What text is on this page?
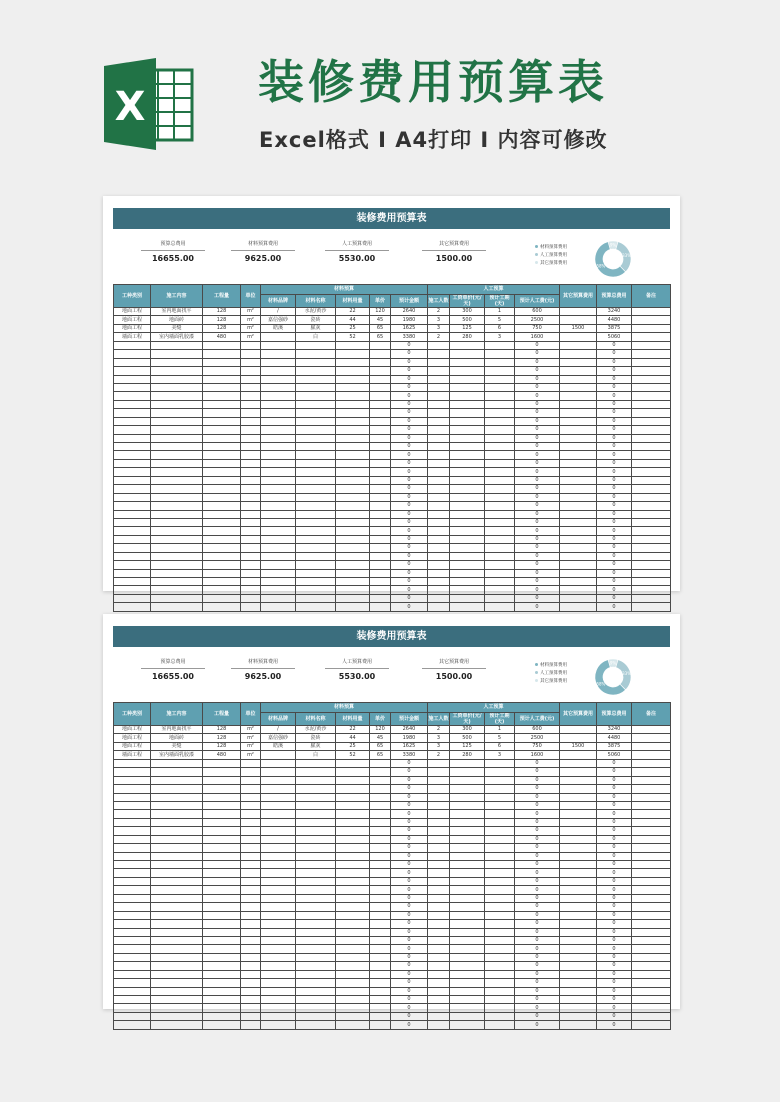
X 装修费用预算表
Excel格式 I A4打印 I 内容可修改
装修费用预算表
预算总费用
16655.00
材料预算费用
9625.00
人工预算费用
5530.00
其它预算费用
1500.00
材料预算费用
人工预算费用
其它预算费用
9%
33%
58%
工种类别	施工内容	工程量	单位	材料预算					人工预算				其它预算费用	预算总费用	备注
				材料品牌	材料名称	材料用量	单价	预计金额	施工人数	工资单价(元/天)	预计工期(天)	预计人工费(元)			
地面工程	室内地面找平	128	m²	/	水泥/黄沙	22	120	2640	2	300	1	600		3240	
地面工程	地面砖	128	m²	嘉信强砂	瓷砖	44	45	1980	3	500	5	2500		4480	
地面工程	美缝	128	m²	皓溪	腻灰	25	65	1625	3	125	6	750	1500	3875	
墙面工程	室内墙面乳胶漆	480	m²		白	52	65	3380	2	280	3	1600		5060	
								0				0		0	
								0				0		0	
								0				0		0	
								0				0		0	
								0				0		0	
								0				0		0	
								0				0		0	
								0				0		0	
								0				0		0	
								0				0		0	
								0				0		0	
								0				0		0	
								0				0		0	
								0				0		0	
								0				0		0	
								0				0		0	
								0				0		0	
								0				0		0	
								0				0		0	
								0				0		0	
								0				0		0	
								0				0		0	
								0				0		0	
								0				0		0	
								0				0		0	
								0				0		0	
								0				0		0	
								0				0		0	
								0				0		0	
								0				0		0	
								0				0		0	
								0				0		0	
装修费用预算表
预算总费用
16655.00
材料预算费用
9625.00
人工预算费用
5530.00
其它预算费用
1500.00
材料预算费用
人工预算费用
其它预算费用
9%
33%
58%
工种类别	施工内容	工程量	单位	材料预算					人工预算				其它预算费用	预算总费用	备注
				材料品牌	材料名称	材料用量	单价	预计金额	施工人数	工资单价(元/天)	预计工期(天)	预计人工费(元)			
地面工程	室内地面找平	128	m²	/	水泥/黄沙	22	120	2640	2	300	1	600		3240	
地面工程	地面砖	128	m²	嘉信强砂	瓷砖	44	45	1980	3	500	5	2500		4480	
地面工程	美缝	128	m²	皓溪	腻灰	25	65	1625	3	125	6	750	1500	3875	
墙面工程	室内墙面乳胶漆	480	m²		白	52	65	3380	2	280	3	1600		5060	
								0				0		0	
								0				0		0	
								0				0		0	
								0				0		0	
								0				0		0	
								0				0		0	
								0				0		0	
								0				0		0	
								0				0		0	
								0				0		0	
								0				0		0	
								0				0		0	
								0				0		0	
								0				0		0	
								0				0		0	
								0				0		0	
								0				0		0	
								0				0		0	
								0				0		0	
								0				0		0	
								0				0		0	
								0				0		0	
								0				0		0	
								0				0		0	
								0				0		0	
								0				0		0	
								0				0		0	
								0				0		0	
								0				0		0	
								0				0		0	
								0				0		0	
								0				0		0	
